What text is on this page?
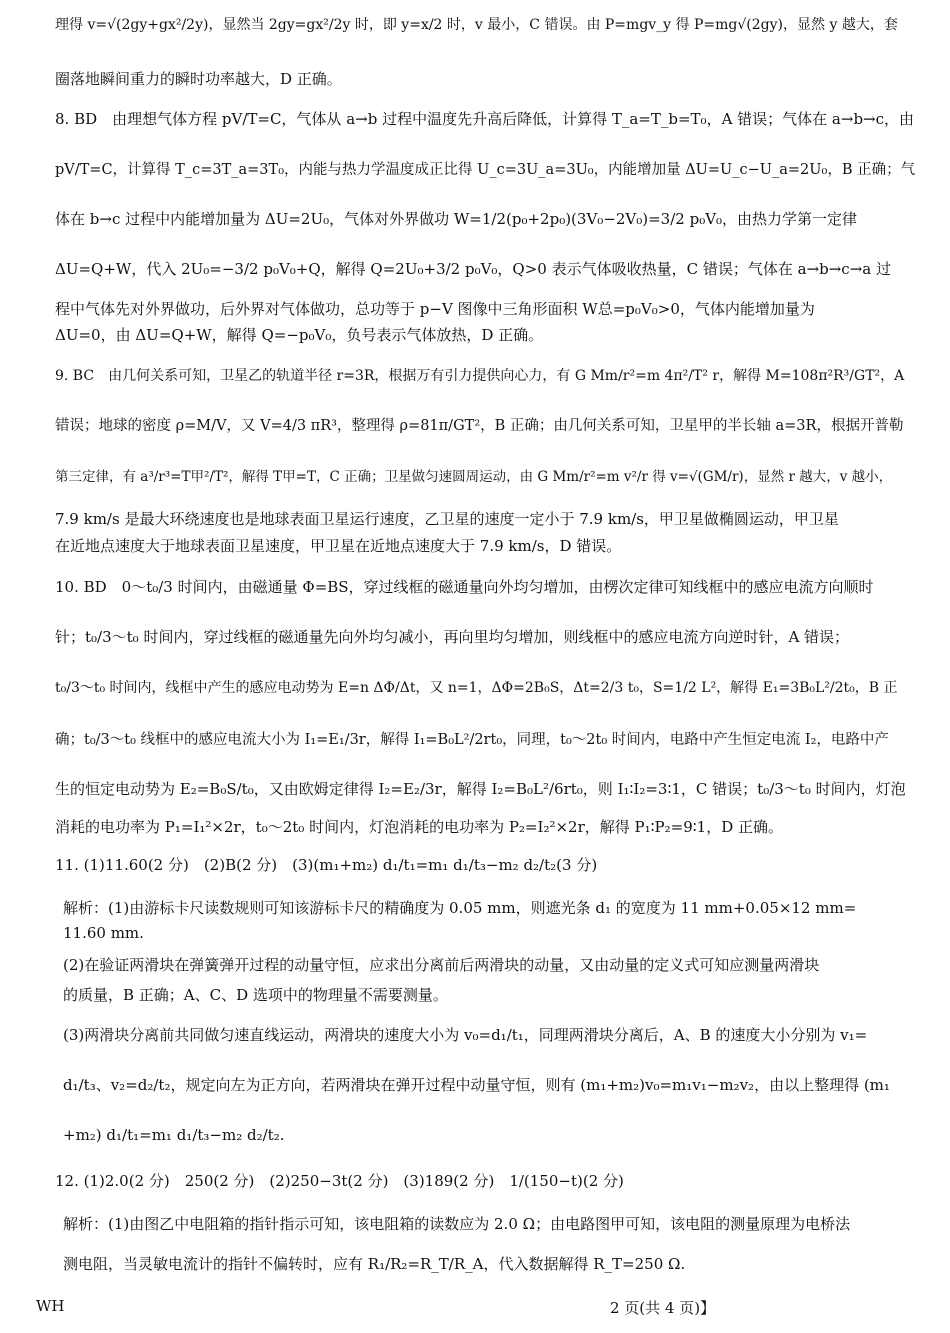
理得 v=√(2gy+gx²/2y)，显然当 2gy=gx²/2y 时，即 y=x/2 时，v 最小，C 错误。由 P=mgv_y 得 P=mg√(2gy)，显然 y 越大，套
圈落地瞬间重力的瞬时功率越大，D 正确。
8. BD　由理想气体方程 pV/T=C，气体从 a→b 过程中温度先升高后降低，计算得 T_a=T_b=T₀，A 错误；气体在 a→b→c，由
pV/T=C，计算得 T_c=3T_a=3T₀，内能与热力学温度成正比得 U_c=3U_a=3U₀，内能增加量 ΔU=U_c−U_a=2U₀，B 正确；气
体在 b→c 过程中内能增加量为 ΔU=2U₀，气体对外界做功 W=1/2(p₀+2p₀)(3V₀−2V₀)=3/2 p₀V₀，由热力学第一定律
ΔU=Q+W，代入 2U₀=−3/2 p₀V₀+Q，解得 Q=2U₀+3/2 p₀V₀，Q>0 表示气体吸收热量，C 错误；气体在 a→b→c→a 过
程中气体先对外界做功，后外界对气体做功，总功等于 p−V 图像中三角形面积 W总=p₀V₀>0，气体内能增加量为
ΔU=0，由 ΔU=Q+W，解得 Q=−p₀V₀，负号表示气体放热，D 正确。
9. BC　由几何关系可知，卫星乙的轨道半径 r=3R，根据万有引力提供向心力，有 G Mm/r²=m 4π²/T² r，解得 M=108π²R³/GT²，A
错误；地球的密度 ρ=M/V，又 V=4/3 πR³，整理得 ρ=81π/GT²，B 正确；由几何关系可知，卫星甲的半长轴 a=3R，根据开普勒
第三定律，有 a³/r³=T甲²/T²，解得 T甲=T，C 正确；卫星做匀速圆周运动，由 G Mm/r²=m v²/r 得 v=√(GM/r)，显然 r 越大，v 越小，
7.9 km/s 是最大环绕速度也是地球表面卫星运行速度，乙卫星的速度一定小于 7.9 km/s，甲卫星做椭圆运动，甲卫星
在近地点速度大于地球表面卫星速度，甲卫星在近地点速度大于 7.9 km/s，D 错误。
10. BD　0～t₀/3 时间内，由磁通量 Φ=BS，穿过线框的磁通量向外均匀增加，由楞次定律可知线框中的感应电流方向顺时
针；t₀/3～t₀ 时间内，穿过线框的磁通量先向外均匀减小，再向里均匀增加，则线框中的感应电流方向逆时针，A 错误；
t₀/3～t₀ 时间内，线框中产生的感应电动势为 E=n ΔΦ/Δt，又 n=1，ΔΦ=2B₀S，Δt=2/3 t₀，S=1/2 L²，解得 E₁=3B₀L²/2t₀，B 正
确；t₀/3～t₀ 线框中的感应电流大小为 I₁=E₁/3r，解得 I₁=B₀L²/2rt₀，同理，t₀～2t₀ 时间内，电路中产生恒定电流 I₂，电路中产
生的恒定电动势为 E₂=B₀S/t₀，又由欧姆定律得 I₂=E₂/3r，解得 I₂=B₀L²/6rt₀，则 I₁∶I₂=3∶1，C 错误；t₀/3～t₀ 时间内，灯泡
消耗的电功率为 P₁=I₁²×2r，t₀～2t₀ 时间内，灯泡消耗的电功率为 P₂=I₂²×2r，解得 P₁∶P₂=9∶1，D 正确。
11. (1)11.60(2 分)　(2)B(2 分)　(3)(m₁+m₂) d₁/t₁=m₁ d₁/t₃−m₂ d₂/t₂(3 分)
解析：(1)由游标卡尺读数规则可知该游标卡尺的精确度为 0.05 mm，则遮光条 d₁ 的宽度为 11 mm+0.05×12 mm=
11.60 mm.
(2)在验证两滑块在弹簧弹开过程的动量守恒，应求出分离前后两滑块的动量，又由动量的定义式可知应测量两滑块
的质量，B 正确；A、C、D 选项中的物理量不需要测量。
(3)两滑块分离前共同做匀速直线运动，两滑块的速度大小为 v₀=d₁/t₁，同理两滑块分离后，A、B 的速度大小分别为 v₁=
d₁/t₃、v₂=d₂/t₂，规定向左为正方向，若两滑块在弹开过程中动量守恒，则有 (m₁+m₂)v₀=m₁v₁−m₂v₂，由以上整理得 (m₁
+m₂) d₁/t₁=m₁ d₁/t₃−m₂ d₂/t₂.
12. (1)2.0(2 分)　250(2 分)　(2)250−3t(2 分)　(3)189(2 分)　1/(150−t)(2 分)
解析：(1)由图乙中电阻箱的指针指示可知，该电阻箱的读数应为 2.0 Ω；由电路图甲可知，该电阻的测量原理为电桥法
测电阻，当灵敏电流计的指针不偏转时，应有 R₁/R₂=R_T/R_A，代入数据解得 R_T=250 Ω.
WH	2 页(共 4 页)】
